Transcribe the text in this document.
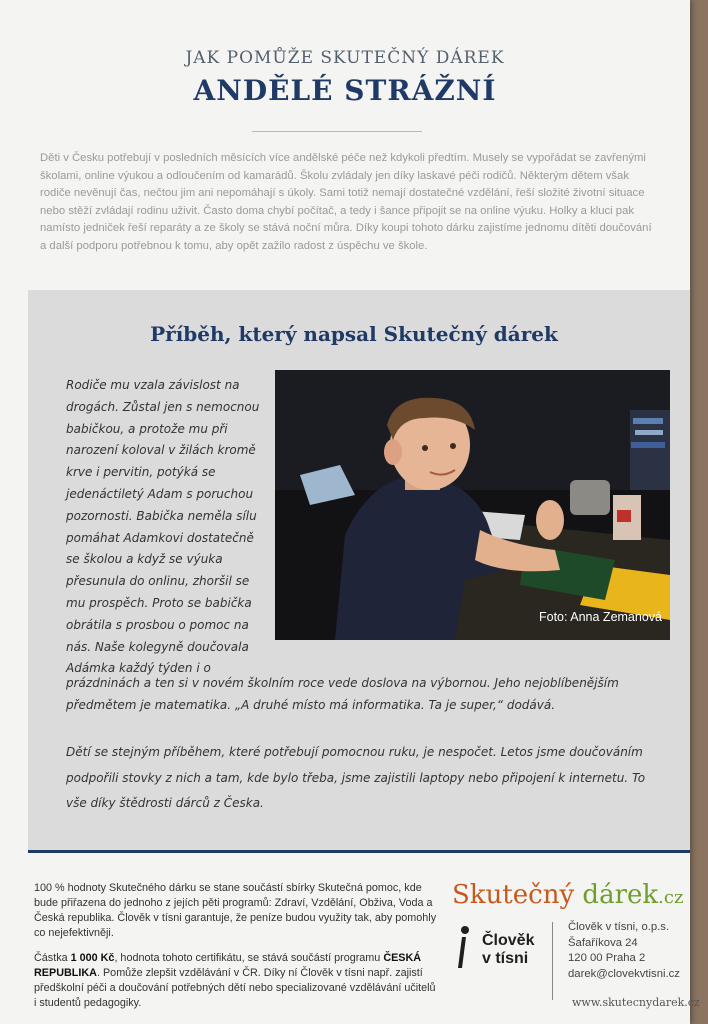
JAK POMŮŽE SKUTEČNÝ DÁREK
ANDĚLÉ STRÁŽNÍ
Děti v Česku potřebují v posledních měsících více andělské péče než kdykoli předtím. Musely se vypořádat se zavřenými školami, online výukou a odloučením od kamarádů. Školu zvládaly jen díky laskavé péči rodičů. Některým dětem však rodiče nevěnují čas, nečtou jim ani nepomáhají s úkoly. Sami totiž nemají dostatečné vzdělání, řeší složité životní situace nebo stěží zvládají rodinu uživit. Často doma chybí počítač, a tedy i šance připojit se na online výuku. Holky a kluci pak namísto jedniček řeší reparáty a ze školy se stává noční můra. Díky koupi tohoto dárku zajistíme jednomu dítěti doučování a další podporu potřebnou k tomu, aby opět zažilo radost z úspěchu ve škole.
Příběh, který napsal Skutečný dárek
Rodiče mu vzala závislost na drogách. Zůstal jen s nemocnou babičkou, a protože mu při narození koloval v žilách kromě krve i pervitin, potýká se jedenáctiletý Adam s poruchou pozornosti. Babička neměla sílu pomáhat Adamkovi dostatečně se školou a když se výuka přesunula do onlinu, zhoršil se mu prospěch. Proto se babička obrátila s prosbou o pomoc na nás. Naše kolegyně doučovala Adámka každý týden i o
Foto: Anna Zemanová
prázdninách a ten si v novém školním roce vede doslova na výbornou. Jeho nejoblíbenějším předmětem je matematika. „A druhé místo má informatika. Ta je super,“ dodává.
Dětí se stejným příběhem, které potřebují pomocnou ruku, je nespočet. Letos jsme doučováním podpořili stovky z nich a tam, kde bylo třeba, jsme zajistili laptopy nebo připojení k internetu. To vše díky štědrosti dárců z Česka.

100 % hodnoty Skutečného dárku se stane součástí sbírky Skutečná pomoc, kde bude přiřazena do jednoho z jejích pěti programů: Zdraví, Vzdělání, Obživa, Voda a Česká republika. Člověk v tísni garantuje, že peníze budou využity tak, aby pomohly co nejefektivněji.

Částka 1 000 Kč, hodnota tohoto certifikátu, se stává součástí programu ČESKÁ REPUBLIKA. Pomůže zlepšit vzdělávání v ČR. Díky ní Člověk v tísni např. zajistí předškolní péči a doučování potřebných dětí nebo specializované vzdělávání učitelů i studentů pedagogiky.

Skutečný dárek.cz
Člověk
v tísni
Člověk v tísni, o.p.s.
Šafaříkova 24
120 00 Praha 2
darek@clovekvtisni.cz
www.skutecnydarek.cz
